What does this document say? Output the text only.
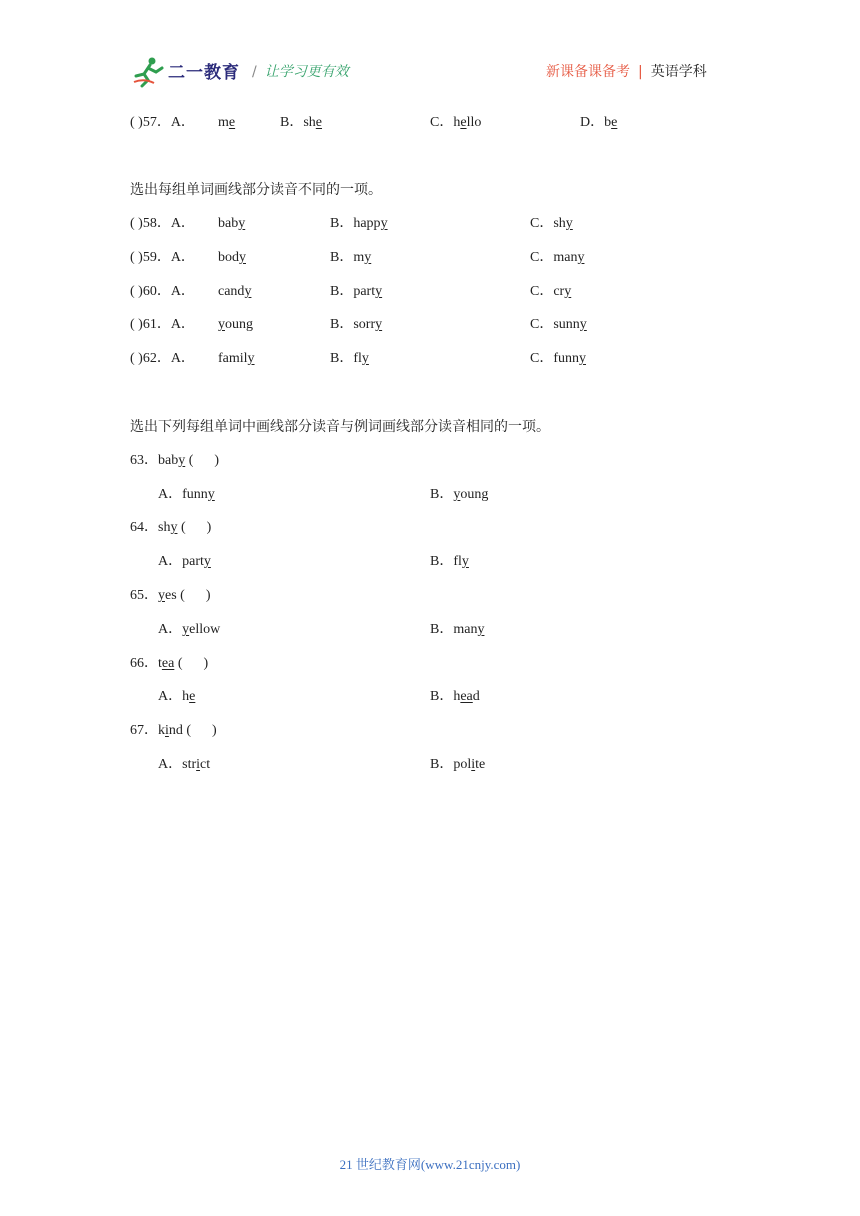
二一教育 / 让学习更有效	新课备课备考 | 英语学科
( )57．A． me	B．she	C．hello	D．be
选出每组单词画线部分读音不同的一项。
( )58．A． baby	B．happy	C．shy
( )59．A． body	B．my	C．many
( )60．A． candy	B．party	C．cry
( )61．A． young	B．sorry	C．sunny
( )62．A． family	B．fly	C．funny
选出下列每组单词中画线部分读音与例词画线部分读音相同的一项。
63．baby (      )
A．funny	B．young
64．shy (      )
A．party	B．fly
65．yes (      )
A．yellow	B．many
66．tea (      )
A．he	B．head
67．kind (      )
A．strict	B．polite
21 世纪教育网(www.21cnjy.com)
